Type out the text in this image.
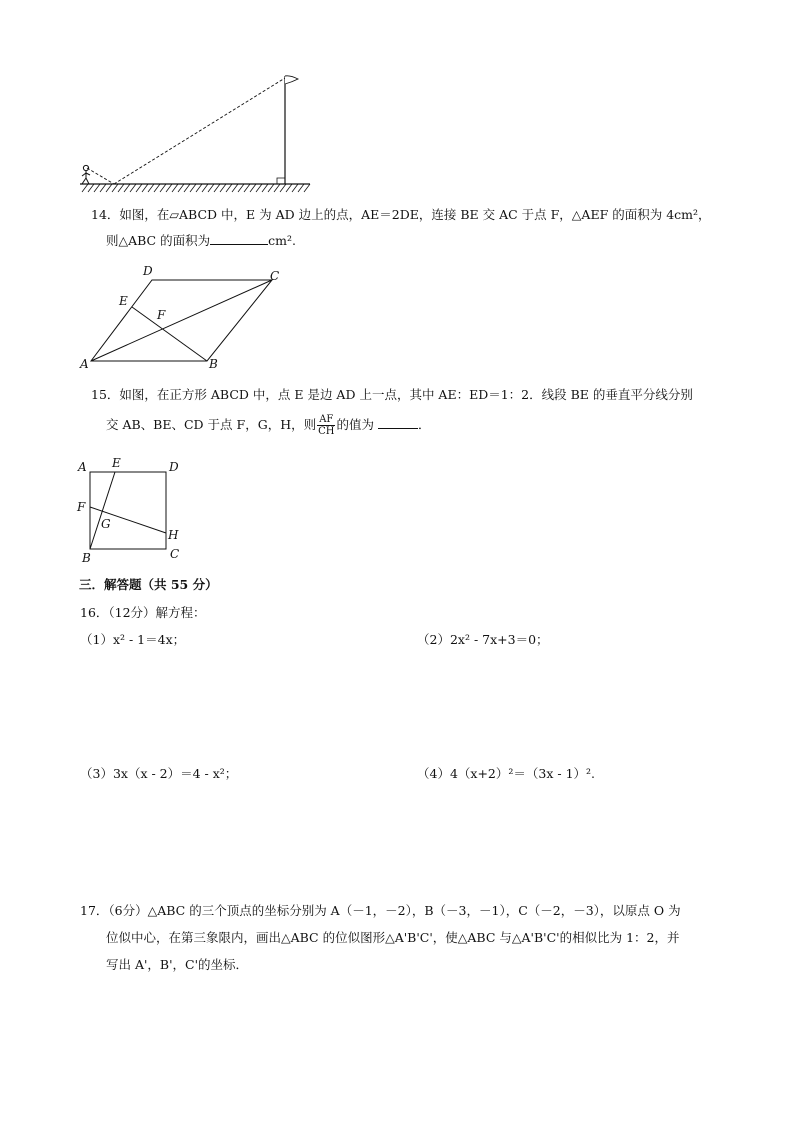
14．如图，在▱ABCD 中，E 为 AD 边上的点，AE＝2DE，连接 BE 交 AC 于点 F，△AEF 的面积为 4cm²，
则△ABC 的面积为	cm².
A	B
C
D
E
F
15．如图，在正方形 ABCD 中，点 E 是边 AD 上一点，其中 AE：ED＝1：2．线段 BE 的垂直平分线分别
交 AB、BE、CD 于点 F，G，H，则 $\frac{AF}{CH}$ 的值为	．
A E	D
F
G
H
B	C
三．解答题（共 55 分）
16．（12分）解方程：
（1）x² - 1＝4x；	（2）2x² - 7x+3＝0；
（3）3x（x - 2）＝4 - x²；	（4）4（x+2）²＝（3x - 1）².
17．（6分）△ABC 的三个顶点的坐标分别为 A（－1，－2），B（－3，－1），C（－2，－3），以原点 O 为
位似中心，在第三象限内，画出△ABC 的位似图形△A'B'C'，使△ABC 与△A'B'C'的相似比为 1：2，并
写出 A'，B'，C'的坐标．
